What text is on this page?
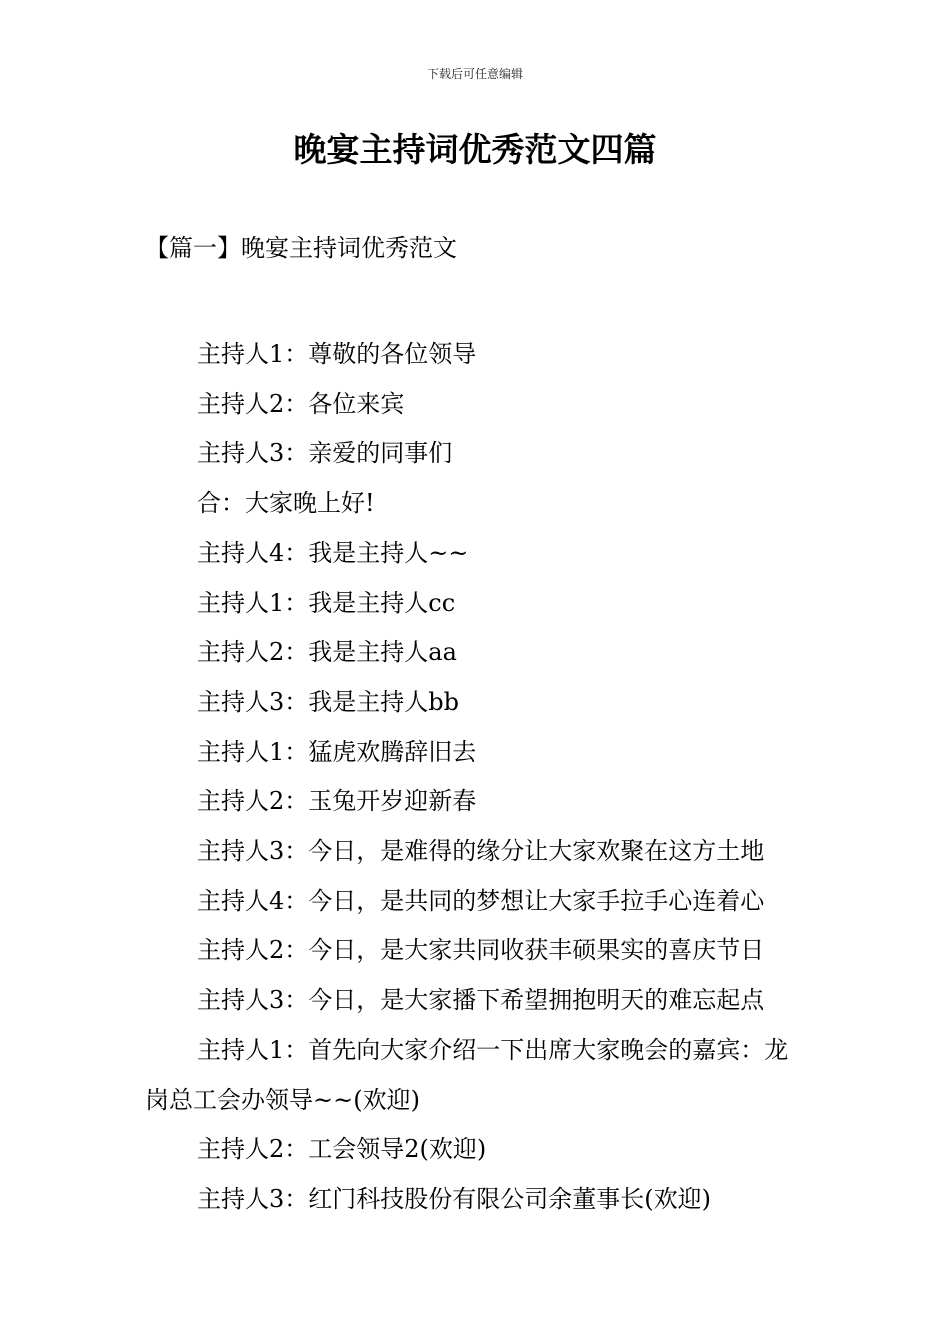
下载后可任意编辑
晚宴主持词优秀范文四篇
【篇一】晚宴主持词优秀范文

主持人1：尊敬的各位领导

主持人2：各位来宾

主持人3：亲爱的同事们

合：大家晚上好!

主持人4：我是主持人~~

主持人1：我是主持人cc

主持人2：我是主持人aa

主持人3：我是主持人bb

主持人1：猛虎欢腾辞旧去

主持人2：玉兔开岁迎新春

主持人3：今日，是难得的缘分让大家欢聚在这方土地

主持人4：今日，是共同的梦想让大家手拉手心连着心

主持人2：今日，是大家共同收获丰硕果实的喜庆节日

主持人3：今日，是大家播下希望拥抱明天的难忘起点

主持人1：首先向大家介绍一下出席大家晚会的嘉宾：龙岗总工会办领导~~(欢迎)

主持人2：工会领导2(欢迎)

主持人3：红门科技股份有限公司余董事长(欢迎)
